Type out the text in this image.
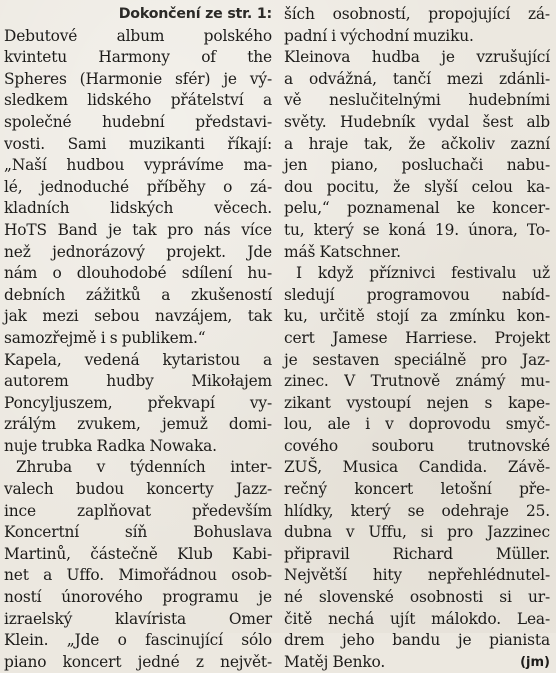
Dokončení ze str. 1:
Debutové album polského
kvintetu Harmony of the
Spheres (Harmonie sfér) je vý-
sledkem lidského přátelství a
společné hudební představi-
vosti. Sami muzikanti říkají:
„Naší hudbou vyprávíme ma-
lé, jednoduché příběhy o zá-
kladních lidských věcech.
HoTS Band je tak pro nás více
než jednorázový projekt. Jde
nám o dlouhodobé sdílení hu-
debních zážitků a zkušeností
jak mezi sebou navzájem, tak
samozřejmě i s publikem.“
Kapela, vedená kytaristou a
autorem hudby Mikołajem
Poncyljuszem, překvapí vy-
zrálým zvukem, jemuž domi-
nuje trubka Radka Nowaka.
Zhruba v týdenních inter-
valech budou koncerty Jazz-
ince zaplňovat především
Koncertní síň Bohuslava
Martinů, částečně Klub Kabi-
net a Uffo. Mimořádnou osob-
ností únorového programu je
izraelský klavírista Omer
Klein. „Jde o fascinující sólo
piano koncert jedné z největ-
ších osobností, propojující zá-
padní i východní muziku.
Kleinova hudba je vzrušující
a odvážná, tančí mezi zdánli-
vě neslučitelnými hudebními
světy. Hudebník vydal šest alb
a hraje tak, že ačkoliv zazní
jen piano, posluchači nabu-
dou pocitu, že slyší celou ka-
pelu,“ poznamenal ke koncer-
tu, který se koná 19. února, To-
máš Katschner.
I když příznivci festivalu už
sledují programovou nabíd-
ku, určitě stojí za zmínku kon-
cert Jamese Harriese. Projekt
je sestaven speciálně pro Jaz-
zinec. V Trutnově známý mu-
zikant vystoupí nejen s kape-
lou, ale i v doprovodu smyč-
cového souboru trutnovské
ZUŠ, Musica Candida. Závě-
rečný koncert letošní pře-
hlídky, který se odehraje 25.
dubna v Uffu, si pro Jazzinec
připravil Richard Müller.
Největší hity nepřehlédnutel-
né slovenské osobnosti si ur-
čitě nechá ujít málokdo. Lea-
drem jeho bandu je pianista
Matěj Benko.	(jm)
